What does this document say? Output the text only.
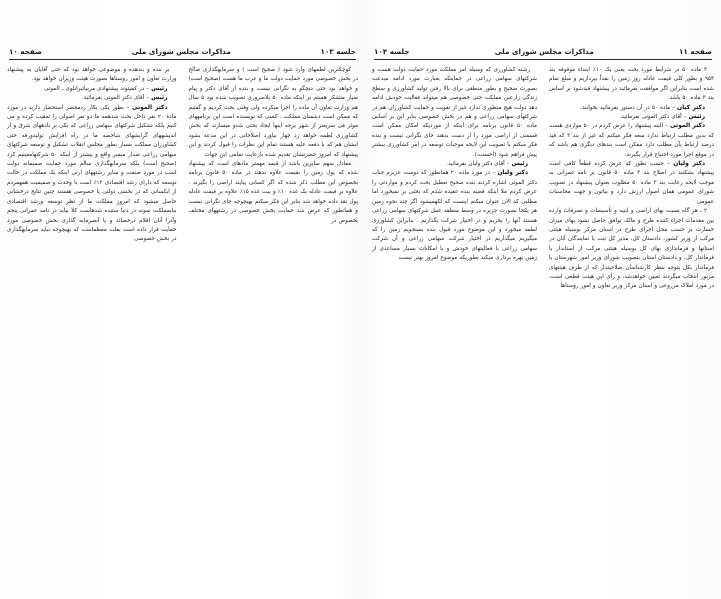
صفحه ۱۱
مذاکرات مجلس شورای ملی
جلسه ۱۰۴

۳ ماده ۵۰ در شرایط مورد بحث یعنی یک ۱۰٪ ابتداء موقوفه بند ۹۵۳ و بطور کلی قیمت عادله روز زمین را نقداً بپردازیم و مبلغ تمام شده است بنابراین اگر موافقت بفرمائید در پیشنهاد قیدشود بر اساس بند ۳ ماده ۵۰ باشد.

دکتر کیان – ماده ۵۰ در آن دستور بفرمائید بخوانند.

رئیس – آقای دکتر الموتی بفرمائید.

دکتر الموتی – البته پیشنهاد را عرض کردم در ۵۰ مواردی هست که بدین مطلب ارتباط ندارد سعه فکر میکنم که غیر از بند ۳ که قید درصد ارتباط بآن مطلب دارد ممکن است بندهای دیگری هم باشد که در موقع اجرا مورد احتیاج قرار بگیرند.

دکتر ولیان – حسب نظور که عرض کرده قطعاً کافی است پیشنهاد بشکنند در اصلاح بند ۳ ماده ۵۰ قانون بر نامه عمرانی به موجب لایحه رعایت بند ۳ ماده ۵۰ مطلوب بعنوان پیشنهاد در تصویب شورای عمومی همان اصول ارزش دارد و بیاتون و جهت محاسبات عمومی

۲ ـ هر گاه نسبت بهای اراضی و ابنیه و تأسیسات و تصرفات وارده بین مقدمات اجراء کننده طرح و مالک توافق حاصل نشود بهای میزان خسارت بر حسب محل اجرای طرح در استان مرکز بوسیله هیئتی مرکب از وزیر کشور، دادستان کل، مدیر کل ثبت یا نمایندگان آنان در استانها و فرمانداری بهای کل بوسیله هیئتی مرکب از استاندار یا فرماندار کل، و دادستان استان بتصویب شورای وزیر امور شهرستان یا فرماندار بکل بتوجه بنظر کارشناسان صلاحیتدار که از طرف هیئتهای مزبور انتخاب میگردند تعیین خواهدشد، و رأی این هیئت قطعی است، در مورد املاک مزروعی و استان مرکز وزیر تعاون و امور روستاها

رشته کشاورزی که وسیله امر مملکت مورد حمایت دولت هست و شرکتهای سهامی زراعی در حمایتکه بعبارت مورد ادامه مبدعت بصورت صحیح و بطور منطقی برای بالا رفتن تولید کشاورزی و سطح زندگی زارعین مملکت حتی خصوصی هم میتواند فعالیت خودش ادامه دهد دولت هیچ منظوری ندارد غیر از تقویت و حمایت کشاورزان هم در شرکتهای سهامی زراعی و هم در بخش خصوصی بنابر این بر اساس ماده ۵۰ قانون برنامه برای اینکه از موردیکه امکان ممکن است قسمتی از اراضی مورد را از دست بدهند جای نگرانی نیست و بنده فکر میکنم با تصویب این لایحه موجبات توسعه در امر کشاورزی بیشتر پیش فراهم شود (احسنت).

رئیس – آقای دکتر ولیان بفرمائید.

دکتر ولیان – در مورد ماده ۲۰ همانطور که دوست عزیزم جناب دکتر الموتی اشاره کردند بنده صحیح تعطیل بحث کردم و مواردتی را عرض کردم ملا اینکه قضیه بنده عقیده شدم که بحثی بر نمیخورد اما مطلبی که الان عنوان میکنم اینست که لکهمیشود اگر چند نجوه زمین هر یکجا بصورت جزیره در وسط منطقه عمل شرکتهای سهامی زراعی هستند آنها را بخریم و در اختیار شرکت بگذاریم . بنابراین کشاورزی لطمه میخورد و این موضوع مورد قبول بنده بسنجویم زمین را که میگیریم میگذاریم در اختیار شرکت سهامی زراعی و آن شرکت سهامی زراعی با فعالیتهای خودش و با امکانات بسیار مساعدی از زمین بهره برداری میکند بطوریکه موضوع امروز بهتر نیست

جلسه ۱۰۳
مذاکرات مجلس شورای ملی
صفحه ۱۰

کوچکترین لطمهای وارد شود ( صحیح است ) و سرمایهگذاری صالح در بخش خصوصی مورد حمایت دولت ما و عرب ما هست (صحیح است) و خواهد بود حتی دیچگو به نگرانی نیست و بنده از آقای دکتر و پیام سیار متشکر هستم بر اینکه ماده ۵۰ بلاضروری تصویب شده بود ۵ سال هم وزارت تعاون آن ماده را اجرا میکرده ولی وقتی بحث کردیم و گفتیم که ممکن است دشمنان مملکت . کسی که نویسنده است این برنامههای موثر فی سریعتر از شهر برجه اینها ایجاد بحثی شدو مبسازند که بخش کشاورزی لطمه خواهد زد چهار بیاورد اصلاحاتی در این مدعه بشود ایشان هم که با دفعه علیه هستند تمام این نظرات را قبول کردند و این پیشنهاد که امروز حضرتشان تقدیم شده بارعایت تمامی این جهات

معادل سهم سایرین باشد از قیمه مهمتر مادهای است که پیشنهاد شده که پول زمین را بقیمت علاوه بدهند در ماده ۵۰ قانون برنامه بخصوص این مطلب ذکر شده که اگر کسانی بیایند اراضی را بگیرند . علاوه بر قیمت عادله یک غده ۱۰٪ و بیت غده ۱۵٪ علاوه بر قیمت عادله پول نقد داده خواهد شد بنابر این فکر میکنم بهیچوجه جای نگرانی نیست و همانطور که عرض شد حمایت بخش خصوصی در رشتههای مختلف بخصوص در

بر بنده و بندهده و موضوعی خواهد بود که حتی آقایان به پیشنهاد وزارت تعاون و امور روستاها بصورت هیئت وزیران خواهد بود.

رئیس – در کمیتوند پیشنهادی مربیاتیرانلوی ـ الموتی

رئیس – آقای دکتر الموتی بفرمائید.

دکتر الموتی – بطور یکی بکار زدمحضر استحضار دارید در مورد مادهٔ ۲۰ نفر داخل بحث شدهمه ما دو نفر اصولی را تعقیب کرده و می کنیم بلکه تشکیل شرکتهای سهامی زراعی که یکی بر بادههای شرق و از اندیشههای گرایشهای شاخصه ما در راه افزایش تولیدورفه حتی کشاورزان مملکت بسیار بطور مجلس انقلاب تشکیل و توسعه شرکتهای سهامی زراعی صدار میسر واقع و بیشتر از اینکه ۵۰ شرکتهامعیتیم کرد (صحیح است) بلکه سرمایهگذاری سالم مورد حمایت صمیمانه دولت است در مورد صنعت و سایر رشتههای ارتی اینکه یک مملکت در حالت توسعه که دارای رشد اقتصادی ۱۲٪ است با وحدت و صمیمیت همهمردم از ایکسانی که در بخشی دولتی یا خصوصی هستند چنین نتایج درخشانی حاصل میشود که امروز مملکت ما از نظر توسعه ورشد اقتصادی بنابمملکت نمونه در دنیا ستیده شدهاست کلا بیاید در نامه عمرانی پنجم وآنرا آنان اقلام درخصائد و با آنصرمایه گذاری بخش خصوصی مورد حمایت قرار داده است بعلت معظماست که بهیچوجه نباید سرمایهگذاری در بخش خصوصی
